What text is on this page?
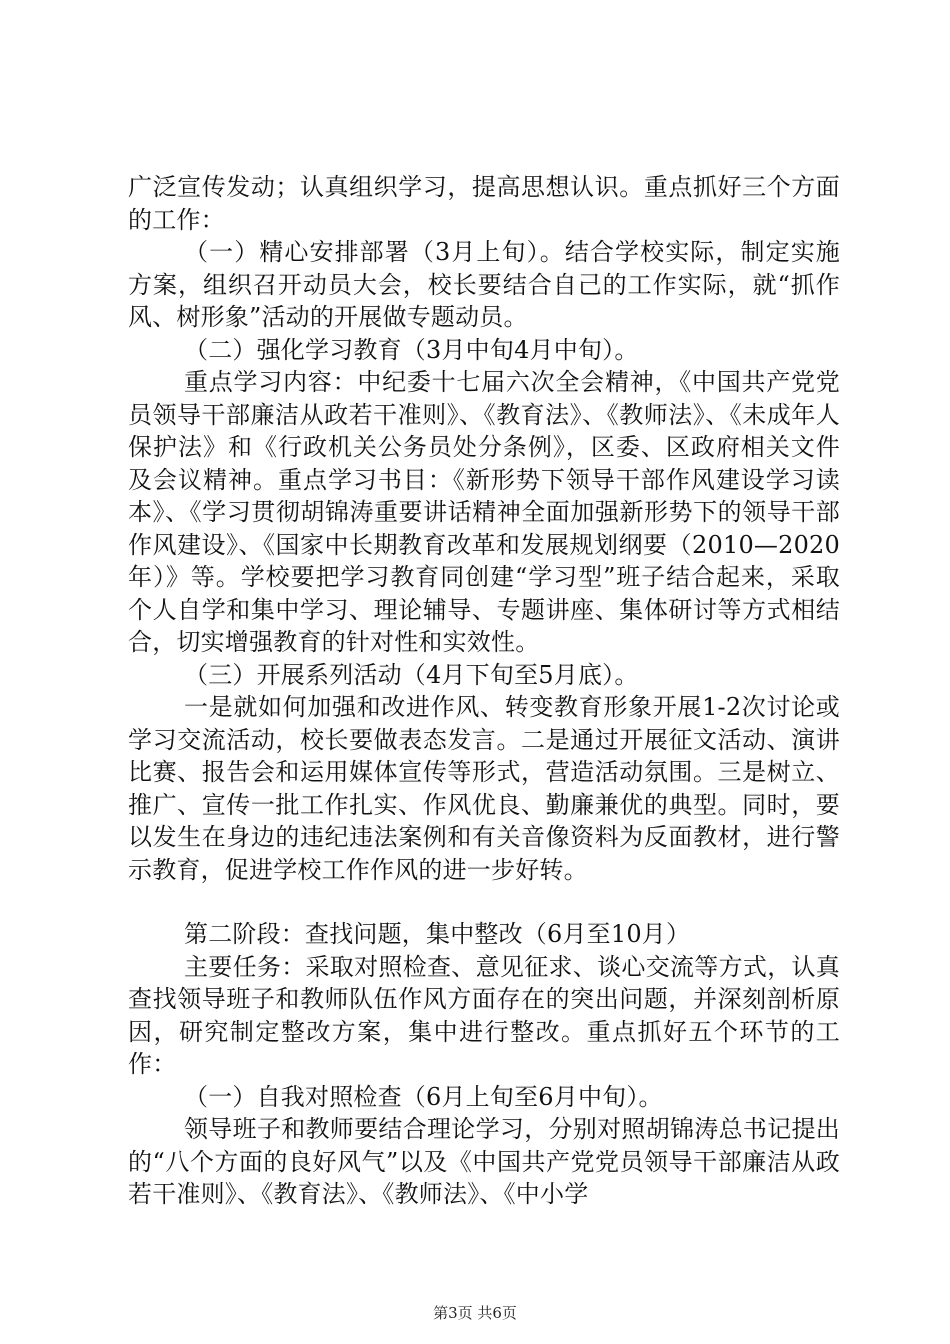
广泛宣传发动；认真组织学习，提高思想认识。重点抓好三个方面的工作：

（一）精心安排部署（3月上旬）。结合学校实际，制定实施方案，组织召开动员大会，校长要结合自己的工作实际，就“抓作风、树形象”活动的开展做专题动员。

（二）强化学习教育（3月中旬4月中旬）。

重点学习内容：中纪委十七届六次全会精神，《中国共产党党员领导干部廉洁从政若干准则》、《教育法》、《教师法》、《未成年人保护法》和《行政机关公务员处分条例》，区委、区政府相关文件及会议精神。重点学习书目：《新形势下领导干部作风建设学习读本》、《学习贯彻胡锦涛重要讲话精神全面加强新形势下的领导干部作风建设》、《国家中长期教育改革和发展规划纲要（2010—2020年）》等。学校要把学习教育同创建“学习型”班子结合起来，采取个人自学和集中学习、理论辅导、专题讲座、集体研讨等方式相结合，切实增强教育的针对性和实效性。

（三）开展系列活动（4月下旬至5月底）。

一是就如何加强和改进作风、转变教育形象开展1-2次讨论或学习交流活动，校长要做表态发言。二是通过开展征文活动、演讲比赛、报告会和运用媒体宣传等形式，营造活动氛围。三是树立、推广、宣传一批工作扎实、作风优良、勤廉兼优的典型。同时，要以发生在身边的违纪违法案例和有关音像资料为反面教材，进行警示教育，促进学校工作作风的进一步好转。

第二阶段：查找问题，集中整改（6月至10月）

主要任务：采取对照检查、意见征求、谈心交流等方式，认真查找领导班子和教师队伍作风方面存在的突出问题，并深刻剖析原因，研究制定整改方案，集中进行整改。重点抓好五个环节的工作：

（一）自我对照检查（6月上旬至6月中旬）。

领导班子和教师要结合理论学习，分别对照胡锦涛总书记提出的“八个方面的良好风气”以及《中国共产党党员领导干部廉洁从政若干准则》、《教育法》、《教师法》、《中小学

第3页 共6页
